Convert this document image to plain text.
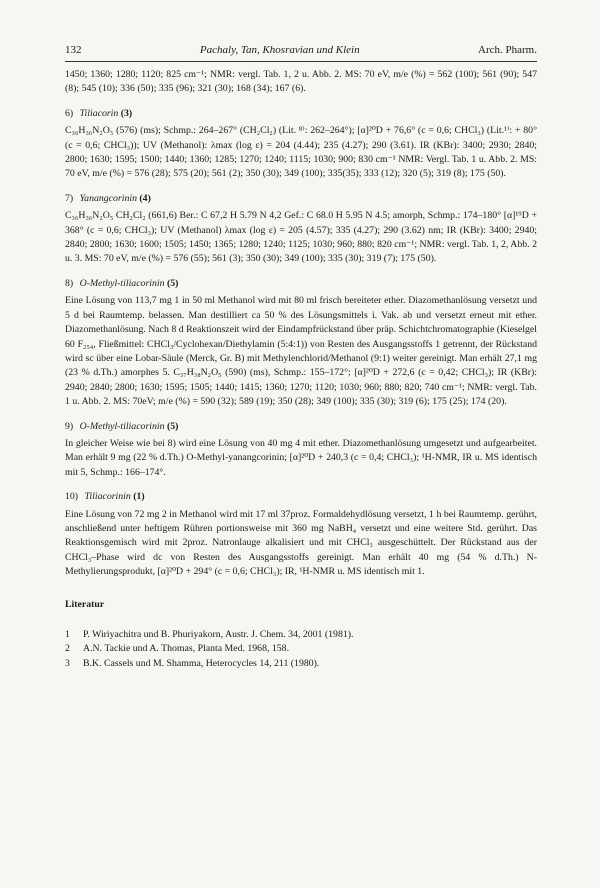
132	Pachaly, Tan, Khosravian und Klein	Arch. Pharm.

1450; 1360; 1280; 1120; 825 cm⁻¹; NMR: vergl. Tab. 1, 2 u. Abb. 2. MS: 70 eV, m/e (%) = 562 (100); 561 (90); 547 (8); 545 (10); 336 (50); 335 (96); 321 (30); 168 (34); 167 (6).

6) Tiliacorin (3)

C₃₆H₃₆N₂O₅ (576) (ms); Schmp.: 264–267° (CH₂Cl₂) (Lit. ⁸⁾: 262–264°); [α]²⁰D + 76,6° (c = 0,6; CHCl₃) (Lit.¹⁾: + 80° (c = 0,6; CHCl₃)); UV (Methanol): λmax (log ε) = 204 (4.44); 235 (4.27); 290 (3.61). IR (KBr): 3400; 2930; 2840; 2800; 1630; 1595; 1500; 1440; 1360; 1285; 1270; 1240; 1115; 1030; 900; 830 cm⁻¹ NMR: Vergl. Tab. 1 u. Abb. 2. MS: 70 eV, m/e (%) = 576 (28); 575 (20); 561 (2); 350 (30); 349 (100); 335(35); 333 (12); 320 (5); 319 (8); 175 (50).

7) Yanangcorinin (4)

C₃₆H₃₆N₂O₅ CH₂Cl₂ (661,6) Ber.: C 67,2 H 5.79 N 4,2 Gef.: C 68.0 H 5.95 N 4.5; amorph, Schmp.: 174–180° [α]¹⁹D + 368° (c = 0,6; CHCl₃); UV (Methanol) λmax (log ε) = 205 (4.57); 335 (4.27); 290 (3.62) nm; IR (KBr): 3400; 2940; 2840; 2800; 1630; 1600; 1505; 1450; 1365; 1280; 1240; 1125; 1030; 960; 880; 820 cm⁻¹; NMR: vergl. Tab. 1, 2, Abb. 2 u. 3. MS: 70 eV, m/e (%) = 576 (55); 561 (3); 350 (30); 349 (100); 335 (30); 319 (7); 175 (50).

8) O-Methyl-tiliacorinin (5)

Eine Lösung von 113,7 mg 1 in 50 ml Methanol wird mit 80 ml frisch bereiteter ether. Diazomethanlösung versetzt und 5 d bei Raumtemp. belassen. Man destilliert ca 50 % des Lösungsmittels i. Vak. ab und versetzt erneut mit ether. Diazomethanlösung. Nach 8 d Reaktionszeit wird der Eindampfrückstand über präp. Schichtchromatographie (Kieselgel 60 F₂₅₄, Fließmittel: CHCl₃/Cyclohexan/Diethylamin (5:4:1)) von Resten des Ausgangsstoffs 1 getrennt, der Rückstand wird sc über eine Lobar-Säule (Merck, Gr. B) mit Methylenchlorid/Methanol (9:1) weiter gereinigt. Man erhält 27,1 mg (23 % d.Th.) amorphes 5. C₃₇H₃₈N₂O₅ (590) (ms), Schmp.: 155–172°; [α]²⁰D + 272,6 (c = 0,42; CHCl₃); IR (KBr): 2940; 2840; 2800; 1630; 1595; 1505; 1440; 1415; 1360; 1270; 1120; 1030; 960; 880; 820; 740 cm⁻¹; NMR: vergl. Tab. 1 u. Abb. 2. MS: 70eV; m/e (%) = 590 (32); 589 (19); 350 (28); 349 (100); 335 (30); 319 (6); 175 (25); 174 (20).

9) O-Methyl-tiliacorinin (5)

In gleicher Weise wie bei 8) wird eine Lösung von 40 mg 4 mit ether. Diazomethanlösung umgesetzt und aufgearbeitet. Man erhält 9 mg (22 % d.Th.) O-Methyl-yanangcorinin; [α]²⁰D + 240,3 (c = 0,4; CHCl₃); ¹H-NMR, IR u. MS identisch mit 5, Schmp.: 166–174°.

10) Tiliacorinin (1)

Eine Lösung von 72 mg 2 in Methanol wird mit 17 ml 37proz. Formaldehydlösung versetzt, 1 h bei Raumtemp. gerührt, anschließend unter heftigem Rühren portionsweise mit 360 mg NaBH₄ versetzt und eine weitere Std. gerührt. Das Reaktionsgemisch wird mit 2proz. Natronlauge alkalisiert und mit CHCl₃ ausgeschüttelt. Der Rückstand aus der CHCl₃–Phase wird dc von Resten des Ausgangsstoffs gereinigt. Man erhält 40 mg (54 % d.Th.) N-Methylierungsprodukt, [α]²⁰D + 294° (c = 0,6; CHCl₃); IR, ¹H-NMR u. MS identisch mit 1.

Literatur
1	P. Wiriyachitra und B. Phuriyakorn, Austr. J. Chem. 34, 2001 (1981).
2	A.N. Tackie und A. Thomas, Planta Med. 1968, 158.
3	B.K. Cassels und M. Shamma, Heterocycles 14, 211 (1980).
